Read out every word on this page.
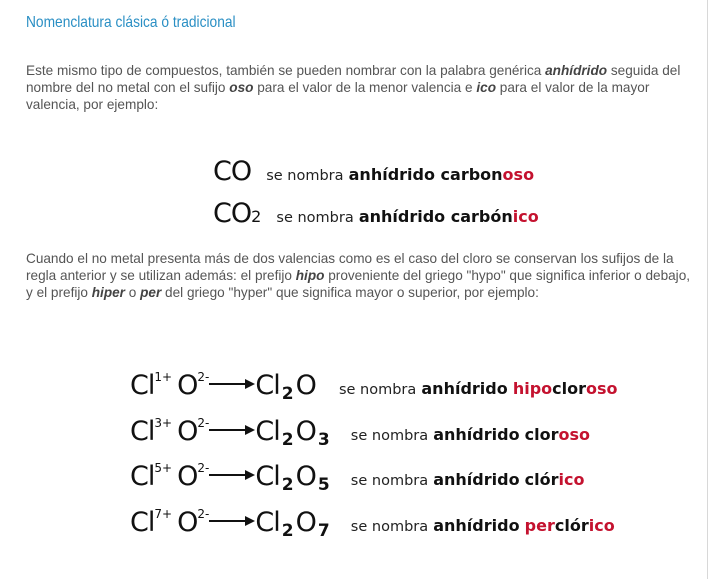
Nomenclatura clásica ó tradicional
Este mismo tipo de compuestos, también se pueden nombrar con la palabra genérica anhídrido seguida del nombre del no metal con el sufijo oso para el valor de la menor valencia e ico para el valor de la mayor valencia, por ejemplo:
CO se nombra anhídrido carbonoso
CO2 se nombra anhídrido carbónico
Cuando el no metal presenta más de dos valencias como es el caso del cloro se conservan los sufijos de la regla anterior y se utilizan además: el prefijo hipo proveniente del griego "hypo" que significa inferior o debajo, y el prefijo hiper o per del griego "hyper" que significa mayor o superior, por ejemplo:
$Cl^{1+}$ $O^{2-}$ Cl 2O se nombra anhídrido hipocloroso
$Cl^{3+}$ $O^{2-}$ Cl 2O 3 se nombra anhídrido cloroso
$Cl^{5+}$ $O^{2-}$ Cl 2O 5 se nombra anhídrido clórico
$Cl^{7+}$ $O^{2-}$ Cl 2O 7 se nombra anhídrido perclórico
